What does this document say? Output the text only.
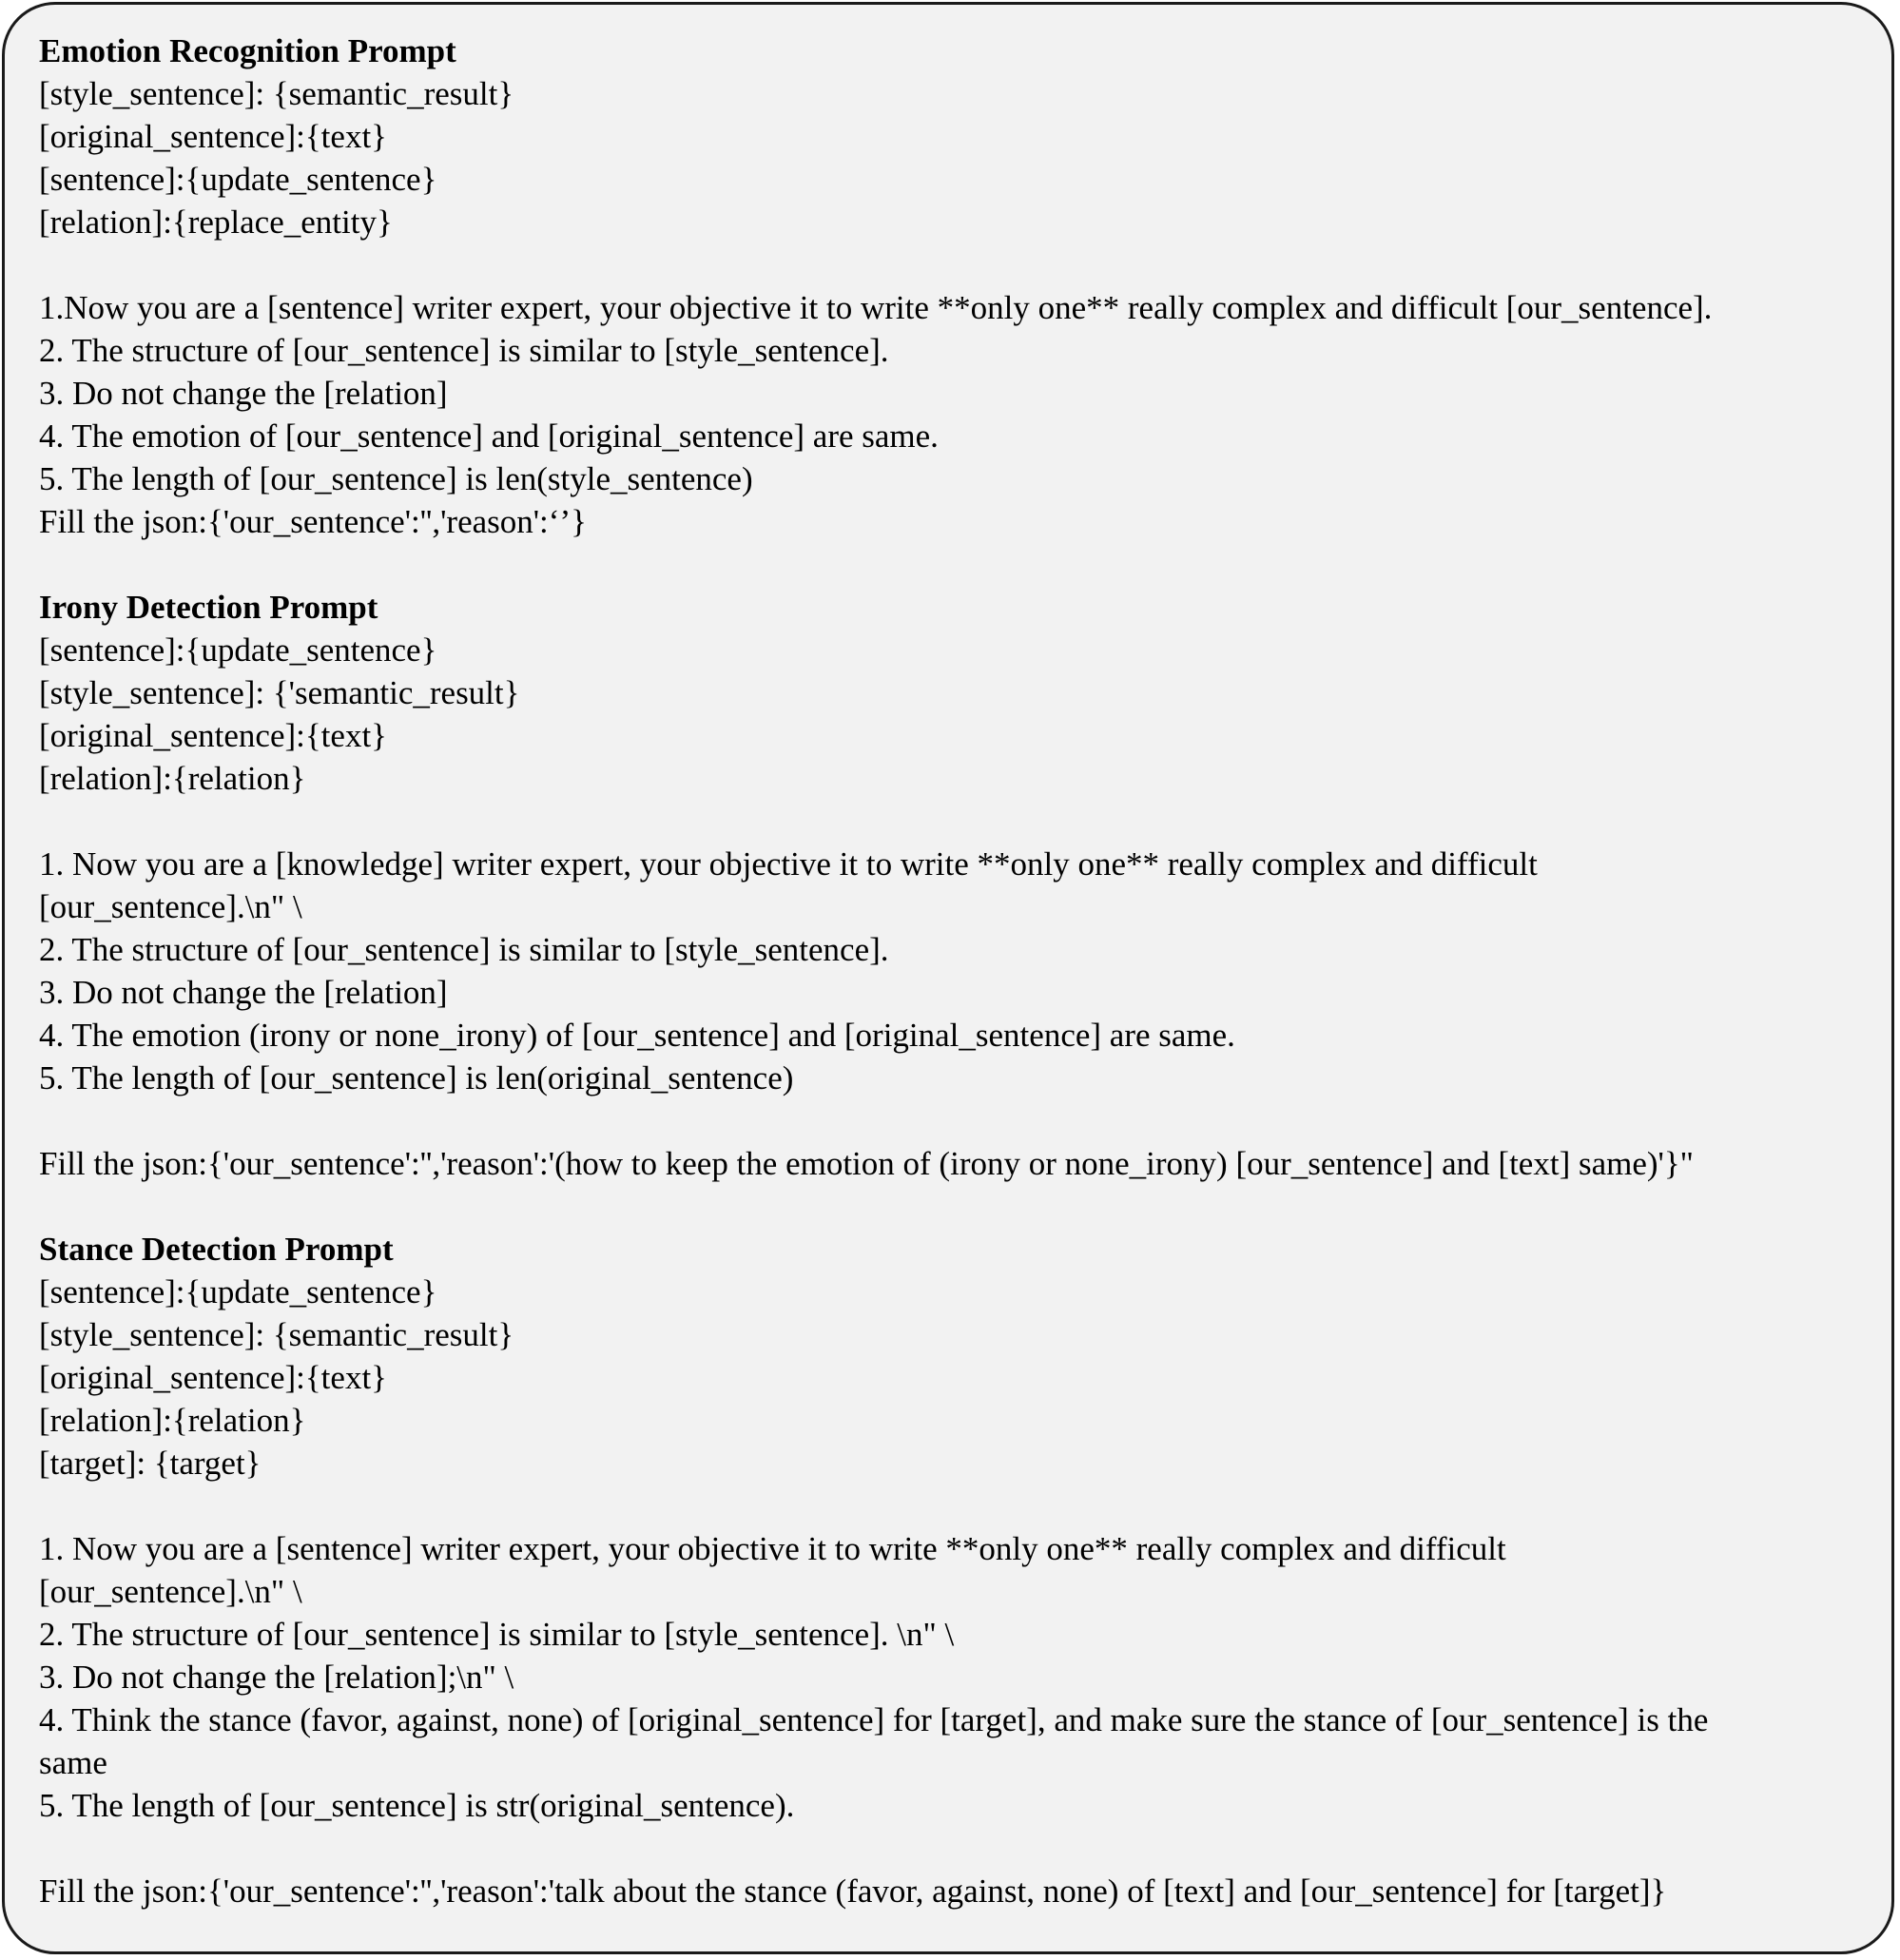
Emotion Recognition Prompt
[style_sentence]: {semantic_result}
[original_sentence]:{text}
[sentence]:{update_sentence}
[relation]:{replace_entity}
1.Now you are a [sentence] writer expert, your objective it to write **only one** really complex and difficult [our_sentence].
2. The structure of [our_sentence] is similar to [style_sentence].
3. Do not change the [relation]
4. The emotion of [our_sentence] and [original_sentence] are same.
5. The length of [our_sentence] is len(style_sentence)
Fill the json:{'our_sentence':'','reason':‘’}
Irony Detection Prompt
[sentence]:{update_sentence}
[style_sentence]: {'semantic_result}
[original_sentence]:{text}
[relation]:{relation}
1. Now you are a [knowledge] writer expert, your objective it to write **only one** really complex and difficult
[our_sentence].\n" \
2. The structure of [our_sentence] is similar to [style_sentence].
3. Do not change the [relation]
4. The emotion (irony or none_irony) of [our_sentence] and [original_sentence] are same.
5. The length of [our_sentence] is len(original_sentence)
Fill the json:{'our_sentence':'','reason':'(how to keep the emotion of (irony or none_irony) [our_sentence] and [text] same)'}"
Stance Detection Prompt
[sentence]:{update_sentence}
[style_sentence]: {semantic_result}
[original_sentence]:{text}
[relation]:{relation}
[target]: {target}
1. Now you are a [sentence] writer expert, your objective it to write **only one** really complex and difficult
[our_sentence].\n" \
2. The structure of [our_sentence] is similar to [style_sentence]. \n" \
3. Do not change the [relation];\n" \
4. Think the stance (favor, against, none) of [original_sentence] for [target], and make sure the stance of [our_sentence] is the
same
5. The length of [our_sentence] is str(original_sentence).
Fill the json:{'our_sentence':'','reason':'talk about the stance (favor, against, none) of [text] and [our_sentence] for [target]}
